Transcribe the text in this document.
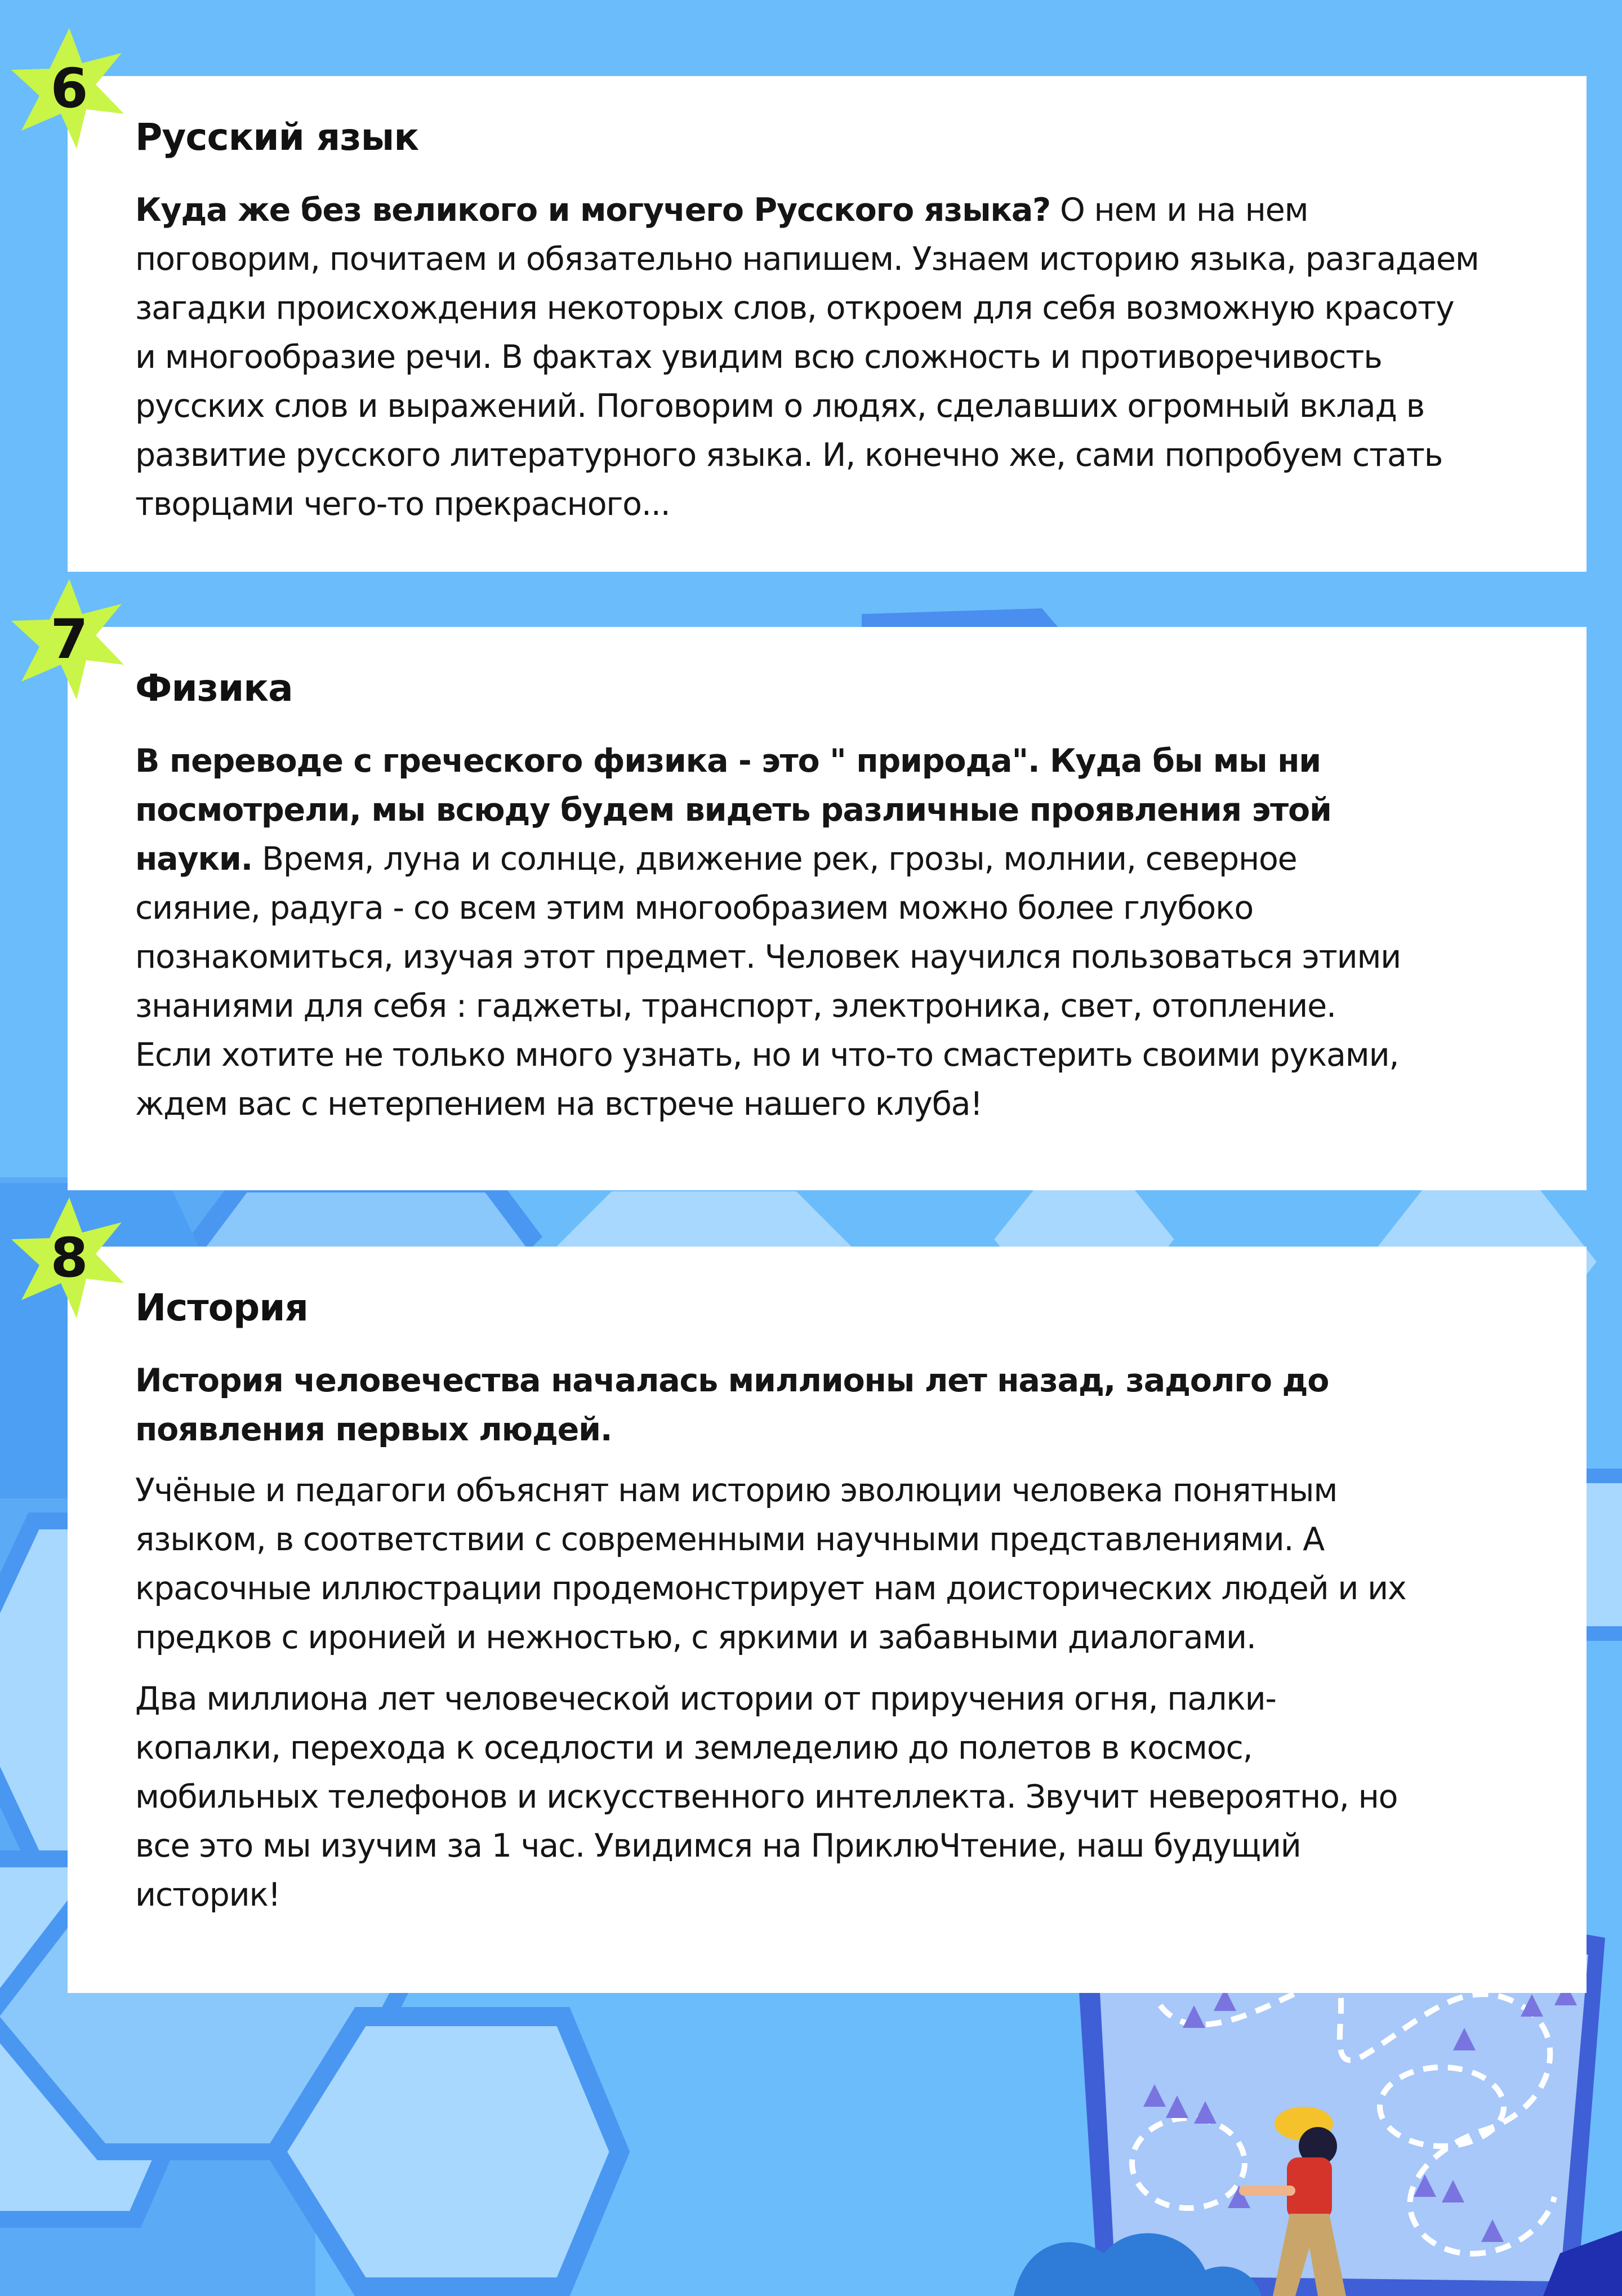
Русский язык

Куда же без великого и могучего Русского языка? О нем и на нем поговорим, почитаем и обязательно напишем. Узнаем историю языка, разгадаем загадки происхождения некоторых слов, откроем для себя возможную красоту и многообразие речи. В фактах увидим всю сложность и противоречивость русских слов и выражений. Поговорим о людях, сделавших огромный вклад в развитие русского литературного языка. И, конечно же, сами попробуем стать творцами чего-то прекрасного...

6
Физика

В переводе с греческого физика - это " природа". Куда бы мы ни посмотрели, мы всюду будем видеть различные проявления этой науки. Время, луна и солнце, движение рек, грозы, молнии, северное сияние, радуга - со всем этим многообразием можно более глубоко познакомиться, изучая этот предмет. Человек научился пользоваться этими знаниями для себя : гаджеты, транспорт, электроника, свет, отопление. Если хотите не только много узнать, но и что-то смастерить своими руками, ждем вас с нетерпением на встрече нашего клуба!

7
История

История человечества началась миллионы лет назад, задолго до появления первых людей.

Учёные и педагоги объяснят нам историю эволюции человека понятным языком, в соответствии с современными научными представлениями. А красочные иллюстрации продемонстрирует нам доисторических людей и их предков с иронией и нежностью, с яркими и забавными диалогами.

Два миллиона лет человеческой истории от приручения огня, палки-копалки, перехода к оседлости и земледелию до полетов в космос, мобильных телефонов и искусственного интеллекта. Звучит невероятно, но все это мы изучим за 1 час. Увидимся на ПриклюЧтение, наш будущий историк!

8
